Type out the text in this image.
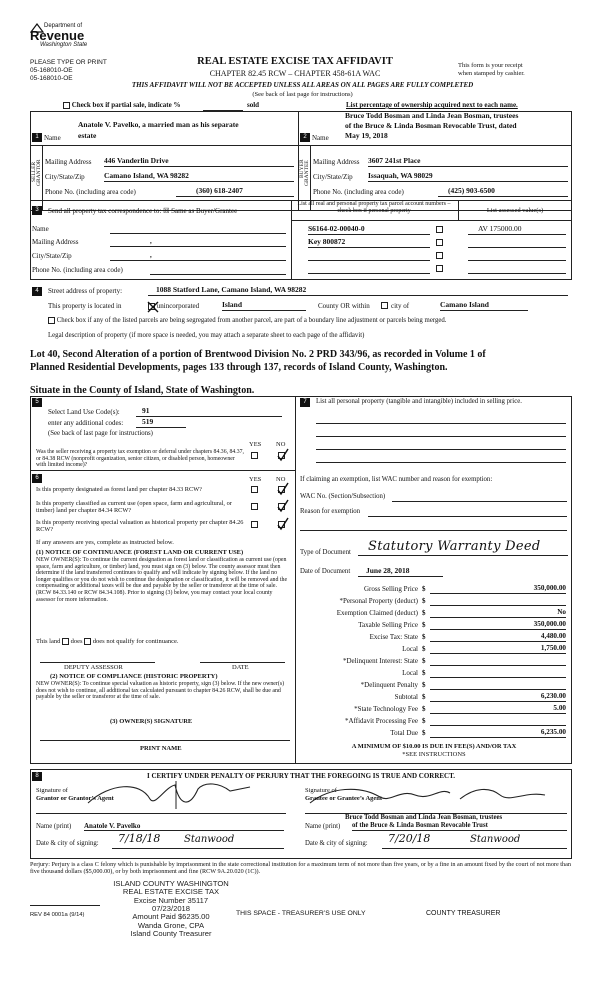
Department of
Revenue
Washington State
PLEASE TYPE OR PRINT
05-168010-OE
05-168010-OE
REAL ESTATE EXCISE TAX AFFIDAVIT
CHAPTER 82.45 RCW – CHAPTER 458-61A WAC
This form is your receipt
when stamped by cashier.
THIS AFFIDAVIT WILL NOT BE ACCEPTED UNLESS ALL AREAS ON ALL PAGES ARE FULLY COMPLETED
(See back of last page for instructions)
Check box if partial sale, indicate %	sold	List percentage of ownership acquired next to each name.
1 Name
Anatole V. Pavelko, a married man as his separate
estate
SELLER GRANTOR Mailing Address 446 Vanderlin Drive
City/State/Zip	Camano Island, WA 98282
Phone No. (including area code)	(360) 618-2407
2 Name
Bruce Todd Bosman and Linda Jean Bosman, trustees
of the Bruce & Linda Bosman Revocable Trust, dated
May 19, 2018
BUYER GRANTEE Mailing Address 3607 241st Place
City/State/Zip Issaquah, WA 98029
Phone No. (including area code)	(425) 903-6500
3	Send all property tax correspondence to: ☒ Same as Buyer/Grantee
Name
Mailing Address	,
City/State/Zip	,
Phone No. (including area code)
List all real and personal property tax parcel account numbers – check box if personal property	List assessed value(s)
S6164-02-00040-0	AV 175000.00
Key 800872
4	Street address of property:	1088 Statford Lane, Camano Island, WA 98282
This property is located in	unincorporated	Island	County OR within	city of	Camano Island
Check box if any of the listed parcels are being segregated from another parcel, are part of a boundary line adjustment or parcels being merged.
Legal description of property (if more space is needed, you may attach a separate sheet to each page of the affidavit)
Lot 40, Second Alteration of a portion of Brentwood Division No. 2 PRD 343/96, as recorded in Volume 1 of
Planned Residential Developments, pages 133 through 137, records of Island County, Washington.
Situate in the County of Island, State of Washington.
5
Select Land Use Code(s):	91
enter any additional codes:	519
(See back of last page for instructions)
YES NO
Was the seller receiving a property tax exemption or deferral under chapters 84.36, 84.37, or 84.38 RCW (nonprofit organization, senior citizen, or disabled person, homeowner with limited income)?
6	YES NO
Is this property designated as forest land per chapter 84.33 RCW?
Is this property classified as current use (open space, farm and agricultural, or timber) land per chapter 84.34 RCW?
Is this property receiving special valuation as historical property per chapter 84.26 RCW?
If any answers are yes, complete as instructed below.
(1) NOTICE OF CONTINUANCE (FOREST LAND OR CURRENT USE)
NEW OWNER(S): To continue the current designation as forest land or classification as current use (open space, farm and agriculture, or timber) land, you must sign on (3) below. The county assessor must then determine if the land transferred continues to qualify and will indicate by signing below. If the land no longer qualifies or you do not wish to continue the designation or classification, it will be removed and the compensating or additional taxes will be due and payable by the seller or transferor at the time of sale. (RCW 84.33.140 or RCW 84.34.108). Prior to signing (3) below, you may contact your local county assessor for more information.
This land does does not qualify for continuance.
DEPUTY ASSESSOR	DATE
(2) NOTICE OF COMPLIANCE (HISTORIC PROPERTY)
NEW OWNER(S): To continue special valuation as historic property, sign (3) below. If the new owner(s) does not wish to continue, all additional tax calculated pursuant to chapter 84.26 RCW, shall be due and payable by the seller or transferor at the time of sale.
(3) OWNER(S) SIGNATURE
PRINT NAME
7	List all personal property (tangible and intangible) included in selling price.
If claiming an exemption, list WAC number and reason for exemption:
WAC No. (Section/Subsection)
Reason for exemption
Type of Document	Statutory Warranty Deed
Date of Document	June 28, 2018
Gross Selling Price $	350,000.00
*Personal Property (deduct) $
Exemption Claimed (deduct) $	No
Taxable Selling Price $	350,000.00
Excise Tax: State $	4,480.00
Local $	1,750.00
*Delinquent Interest: State $
Local $
*Delinquent Penalty $
Subtotal $	6,230.00
*State Technology Fee $	5.00
*Affidavit Processing Fee $
Total Due $	6,235.00
A MINIMUM OF $10.00 IS DUE IN FEE(S) AND/OR TAX
*SEE INSTRUCTIONS
8	I CERTIFY UNDER PENALTY OF PERJURY THAT THE FOREGOING IS TRUE AND CORRECT.
Signature of
Grantor or Grantor’s Agent
Signature of
Grantee or Grantee’s Agent
Name (print) Anatole V. Pavelko
Bruce Todd Bosman and Linda Jean Bosman, trustees
Name (print) of the Bruce & Linda Bosman Revocable Trust
Date & city of signing: 7/18/18 Stanwood	Date & city of signing: 7/20/18	Stanwood
Perjury: Perjury is a class C felony which is punishable by imprisonment in the state correctional institution for a maximum term of not more than five years, or by a fine in an amount fixed by the court of not more than five thousand dollars ($5,000.00), or by both imprisonment and fine (RCW 9A.20.020 (1C)).
ISLAND COUNTY WASHINGTON
REAL ESTATE EXCISE TAX
Excise Number 35117
07/23/2018
Amount Paid $6235.00
Wanda Grone, CPA
Island County Treasurer
REV 84 0001a (9/14)	THIS SPACE - TREASURER’S USE ONLY	COUNTY TREASURER
